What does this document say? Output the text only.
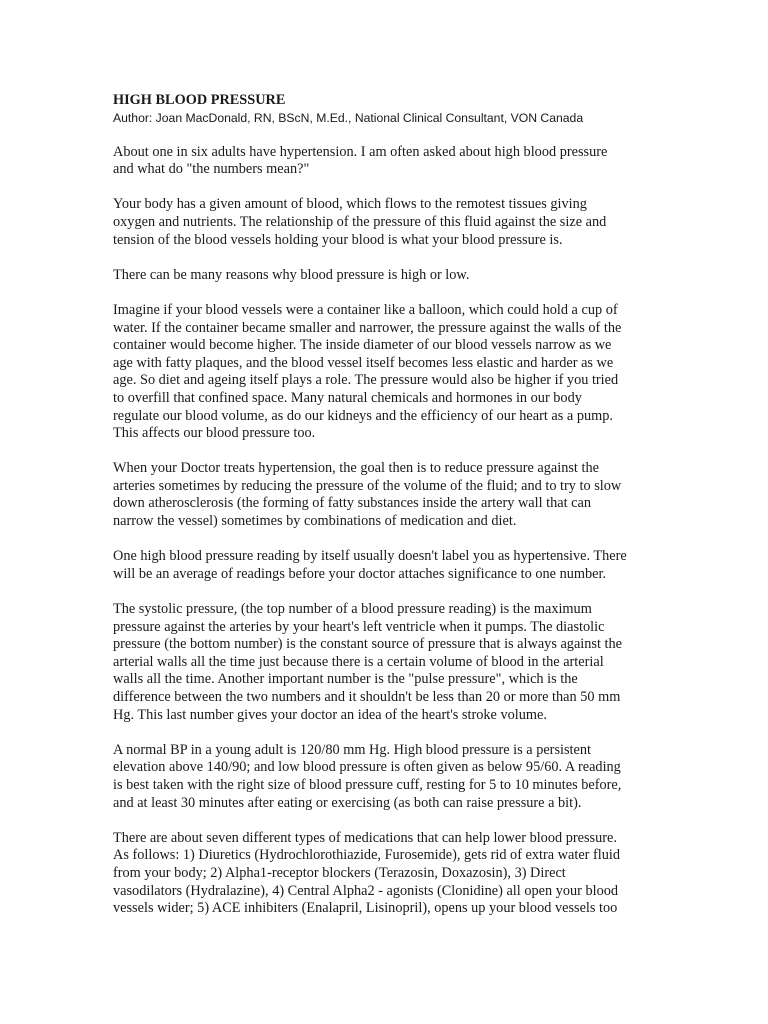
HIGH BLOOD PRESSURE
Author: Joan MacDonald, RN, BScN, M.Ed., National Clinical Consultant, VON Canada
About one in six adults have hypertension. I am often asked about high blood pressure
and what do "the numbers mean?"
Your body has a given amount of blood, which flows to the remotest tissues giving
oxygen and nutrients. The relationship of the pressure of this fluid against the size and
tension of the blood vessels holding your blood is what your blood pressure is.
There can be many reasons why blood pressure is high or low.
Imagine if your blood vessels were a container like a balloon, which could hold a cup of
water. If the container became smaller and narrower, the pressure against the walls of the
container would become higher. The inside diameter of our blood vessels narrow as we
age with fatty plaques, and the blood vessel itself becomes less elastic and harder as we
age. So diet and ageing itself plays a role. The pressure would also be higher if you tried
to overfill that confined space. Many natural chemicals and hormones in our body
regulate our blood volume, as do our kidneys and the efficiency of our heart as a pump.
This affects our blood pressure too.
When your Doctor treats hypertension, the goal then is to reduce pressure against the
arteries sometimes by reducing the pressure of the volume of the fluid; and to try to slow
down atherosclerosis (the forming of fatty substances inside the artery wall that can
narrow the vessel) sometimes by combinations of medication and diet.
One high blood pressure reading by itself usually doesn't label you as hypertensive. There
will be an average of readings before your doctor attaches significance to one number.
The systolic pressure, (the top number of a blood pressure reading) is the maximum
pressure against the arteries by your heart's left ventricle when it pumps. The diastolic
pressure (the bottom number) is the constant source of pressure that is always against the
arterial walls all the time just because there is a certain volume of blood in the arterial
walls all the time. Another important number is the "pulse pressure", which is the
difference between the two numbers and it shouldn't be less than 20 or more than 50 mm
Hg. This last number gives your doctor an idea of the heart's stroke volume.
A normal BP in a young adult is 120/80 mm Hg. High blood pressure is a persistent
elevation above 140/90; and low blood pressure is often given as below 95/60. A reading
is best taken with the right size of blood pressure cuff, resting for 5 to 10 minutes before,
and at least 30 minutes after eating or exercising (as both can raise pressure a bit).
There are about seven different types of medications that can help lower blood pressure.
As follows: 1) Diuretics (Hydrochlorothiazide, Furosemide), gets rid of extra water fluid
from your body; 2) Alpha1-receptor blockers (Terazosin, Doxazosin), 3) Direct
vasodilators (Hydralazine), 4) Central Alpha2 - agonists (Clonidine) all open your blood
vessels wider; 5) ACE inhibiters (Enalapril, Lisinopril), opens up your blood vessels too
